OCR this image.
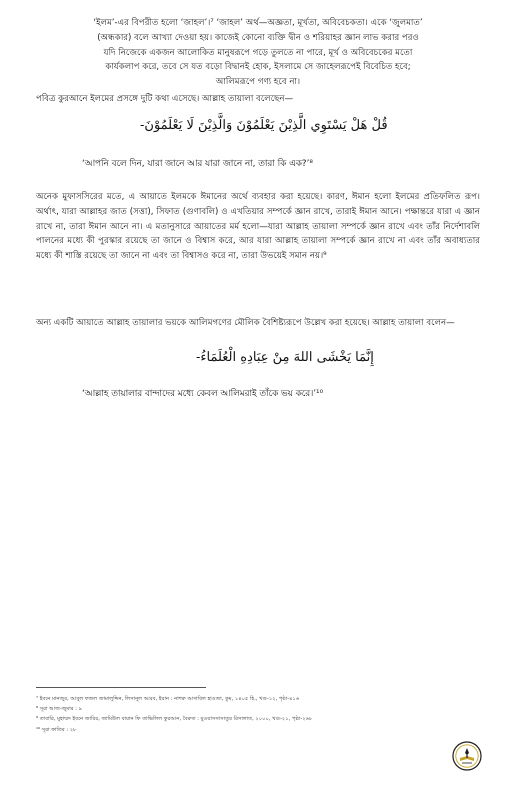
‘ইলম’-এর বিপরীত হলো ‘জাহল’।⁷ ‘জাহল’ অর্থ—অজ্ঞতা, মূর্খতা, অবিবেচকতা। একে ‘জুলমাত’
(অন্ধকার) বলে আখ্যা দেওয়া হয়। কাজেই কোনো ব্যক্তি দ্বীন ও শরিয়াহর জ্ঞান লাভ করার পরও
যদি নিজেকে একজন আলোকিত মানুষরূপে গড়ে তুলতে না পারে, মূর্খ ও অবিবেচকের মতো
কার্যকলাপ করে, তবে সে যত বড়ো বিদ্বানই হোক, ইসলামে সে জাহেলরূপেই বিবেচিত হবে;
আলিমরূপে গণ্য হবে না।
পবিত্র কুরআনে ইলমের প্রসঙ্গে দুটি কথা এসেছে। আল্লাহ তায়ালা বলেছেন—
قُلْ هَلْ يَسْتَوِي الَّذِيْنَ يَعْلَمُوْنَ وَالَّذِيْنَ لَا يَعْلَمُوْنَ-
‘আপনি বলে দিন, যারা জানে আর যারা জানে না, তারা কি এক?’⁸
অনেক মুফাসসিরের মতে, এ আয়াতে ইলমকে ঈমানের অর্থে ব্যবহার করা হয়েছে। কারণ, ঈমান হলো ইলমের প্রতিফলিত রূপ। অর্থাৎ, যারা আল্লাহর জাত (সত্তা), সিফাত (গুণাবলি) ও এখতিয়ার সম্পর্কে জ্ঞান রাখে, তারাই ঈমান আনে। পক্ষান্তরে যারা এ জ্ঞান রাখে না, তারা ঈমান আনে না। এ মতানুসারে আয়াতের মর্ম হলো—যারা আল্লাহ তায়ালা সম্পর্কে জ্ঞান রাখে এবং তাঁর নির্দেশাবলি পালনের মধ্যে কী পুরস্কার রয়েছে তা জানে ও বিশ্বাস করে, আর যারা আল্লাহ তায়ালা সম্পর্কে জ্ঞান রাখে না এবং তাঁর অবাধ্যতার মধ্যে কী শাস্তি রয়েছে তা জানে না এবং তা বিশ্বাসও করে না, তারা উভয়েই সমান নয়।⁹
অন্য একটি আয়াতে আল্লাহ তায়ালার ভয়কে আলিমগণের মৌলিক বৈশিষ্ট্যরূপে উল্লেখ করা হয়েছে। আল্লাহ তায়ালা বলেন—
إِنَّمَا يَخْشَى اللهَ مِنْ عِبَادِهِ الْعُلَمَاءُ-
‘আল্লাহ তায়ালার বান্দাদের মধ্যে কেবল আলিমরাই তাঁকে ভয় করে।’¹⁰

⁷ ইবনে মানজুর, আবুল ফজল জামালুদ্দিন, লিসানুল আরব, ইরান : নাশরু আদাবিল হাওজা, কুম, ১৪০৫ হি., খণ্ড-১২, পৃষ্ঠা-৪১৬

⁸ সূরা আজ-জুমার : ৯

⁹ তাবারি, মুহাম্মদ ইবনে জারির, জামিউল বায়ান ফি তাভিলিল কুরআন, বৈরুত : মুওয়াসসাসাতুর রিসালাত, ২০০০, খণ্ড-২১, পৃষ্ঠা-২৬৮

¹⁰ সূরা ফাতির : ২৮
